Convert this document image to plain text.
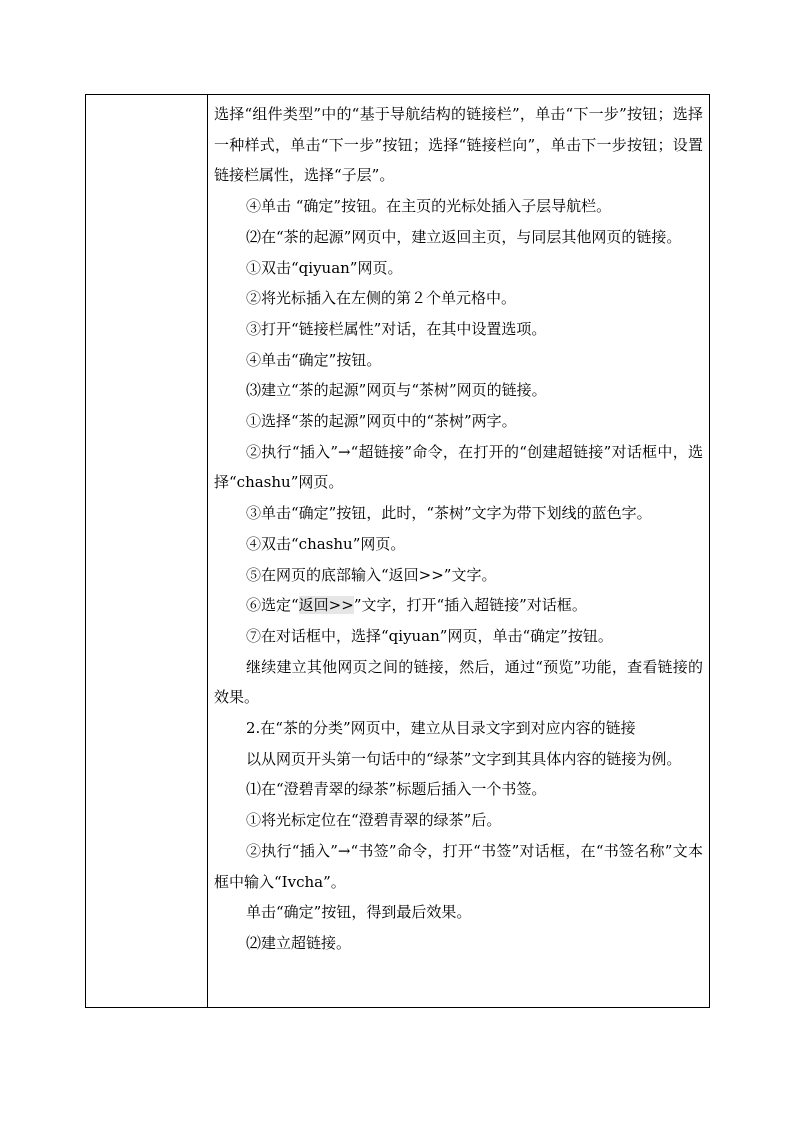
选择“组件类型”中的“基于导航结构的链接栏”，单击“下一步”按钮；选择一种样式，单击“下一步”按钮；选择“链接栏向”，单击下一步按钮；设置链接栏属性，选择“子层”。

④单击 “确定”按钮。在主页的光标处插入子层导航栏。

⑵在“茶的起源”网页中，建立返回主页，与同层其他网页的链接。

①双击“qiyuan”网页。

②将光标插入在左侧的第２个单元格中。

③打开“链接栏属性”对话，在其中设置选项。

④单击“确定”按钮。

⑶建立“茶的起源”网页与“茶树”网页的链接。

①选择“茶的起源”网页中的“茶树”两字。

②执行“插入”→“超链接”命令，在打开的“创建超链接”对话框中，选择“chashu”网页。

③单击“确定”按钮，此时，“茶树”文字为带下划线的蓝色字。

④双击“chashu”网页。

⑤在网页的底部输入“返回>>”文字。

⑥选定“返回>>”文字，打开“插入超链接”对话框。

⑦在对话框中，选择“qiyuan”网页，单击“确定”按钮。

继续建立其他网页之间的链接，然后，通过“预览”功能，查看链接的效果。

2.在“茶的分类”网页中，建立从目录文字到对应内容的链接

以从网页开头第一句话中的“绿茶”文字到其具体内容的链接为例。

⑴在“澄碧青翠的绿茶”标题后插入一个书签。

①将光标定位在“澄碧青翠的绿茶”后。

②执行“插入”→“书签”命令，打开“书签”对话框，在“书签名称”文本框中输入“Ivcha”。

单击“确定”按钮，得到最后效果。

⑵建立超链接。
